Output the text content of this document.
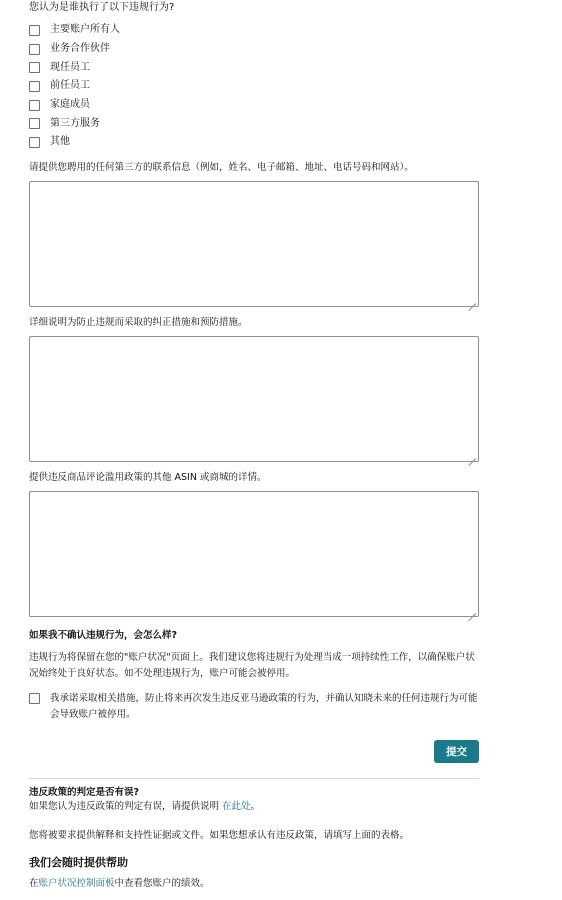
您认为是谁执行了以下违规行为?
主要账户所有人
业务合作伙伴
现任员工
前任员工
家庭成员
第三方服务
其他
请提供您聘用的任何第三方的联系信息（例如，姓名、电子邮箱、地址、电话号码和网站）。
详细说明为防止违规而采取的纠正措施和预防措施。
提供违反商品评论滥用政策的其他 ASIN 或商城的详情。
如果我不确认违规行为，会怎么样?
违规行为将保留在您的"账户状况"页面上。我们建议您将违规行为处理当成一项持续性工作，以确保账户状况始终处于良好状态。如不处理违规行为，账户可能会被停用。
我承诺采取相关措施，防止将来再次发生违反亚马逊政策的行为，并确认知晓未来的任何违规行为可能会导致账户被停用。
提交
违反政策的判定是否有误?
如果您认为违反政策的判定有误，请提供说明 在此处。
您将被要求提供解释和支持性证据或文件。如果您想承认有违反政策，请填写上面的表格。
我们会随时提供帮助
在账户状况控制面板中查看您账户的绩效。
